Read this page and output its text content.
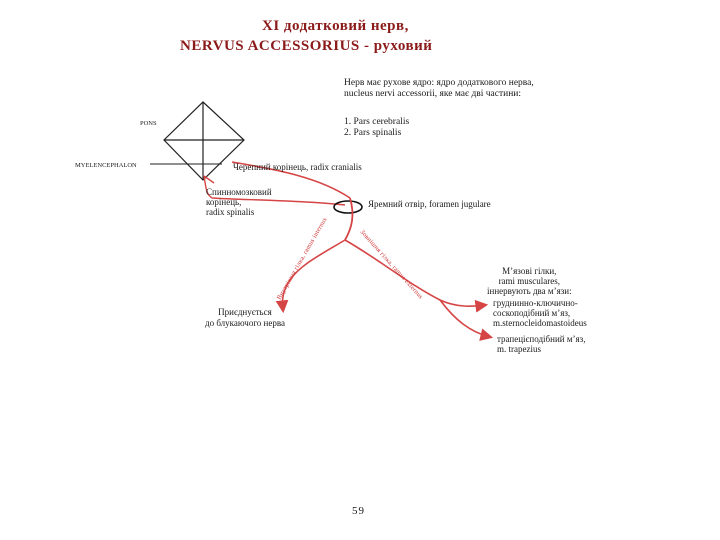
XI додатковий нерв,
NERVUS ACCESSORIUS - руховий
Нерв має рухове ядро: ядро додаткового нерва, nucleus nervi accessorii, яке має дві частини:
1. Pars cerebralis
2. Pars spinalis
Внутрішня гілка, ramus internus	Зовнішня гілка, ramus externus
PONS
MYELENCEPHALON	Черепний корінець, radix cranialis
Спинномозковий
корінець,
radix spinalis
Яремний отвір, foramen jugulare
Приєднується
до блукаючого нерва
М’язові гілки,
rami musculares,
іннервують два м’язи:
груднинно-ключично-
соскоподібний м’яз,
m.sternocleidomastoideus
трапецієподібний м’яз,
m. trapezius
59
